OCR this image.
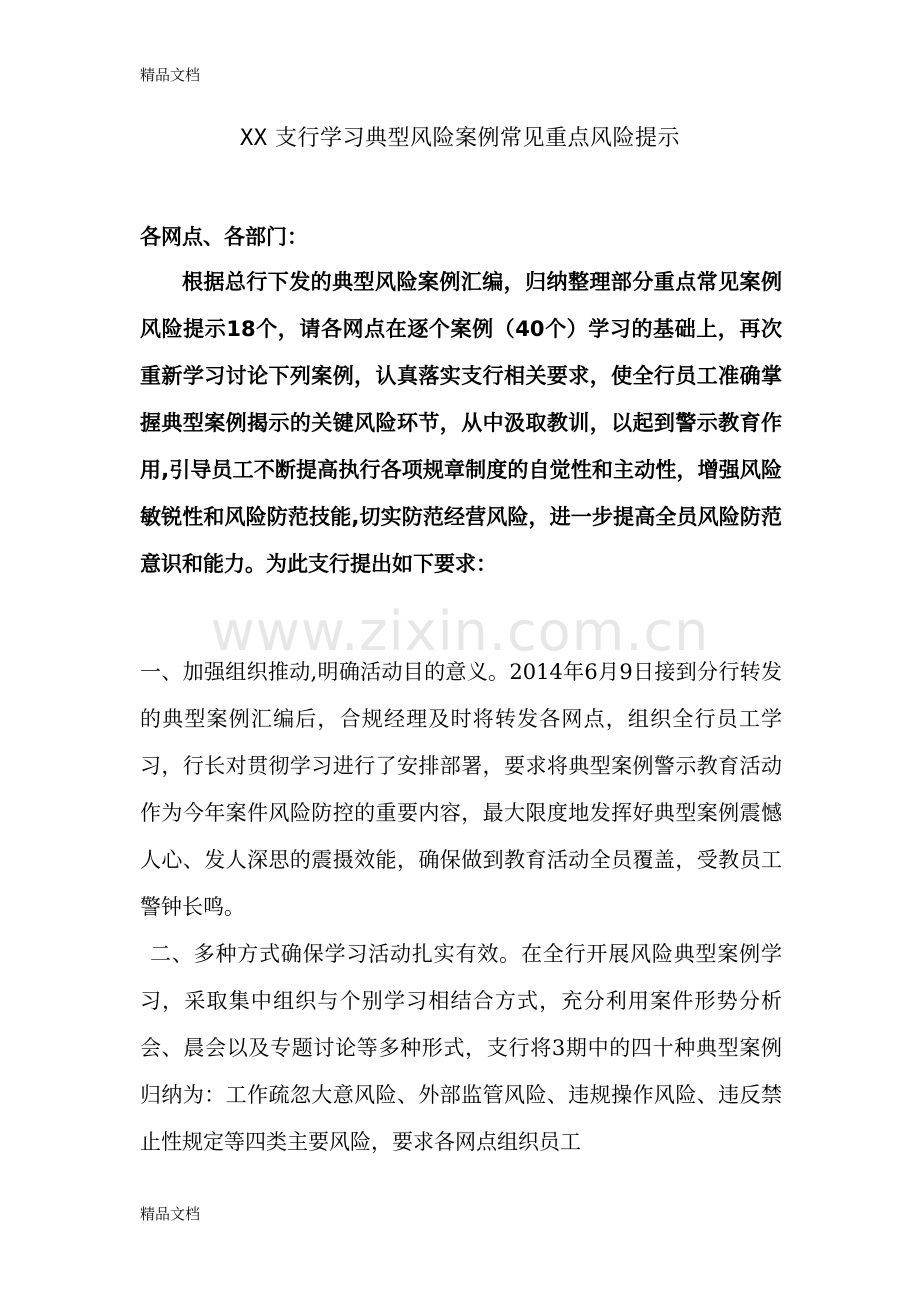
精品文档
XX 支行学习典型风险案例常见重点风险提示

各网点、各部门：

根据总行下发的典型风险案例汇编，归纳整理部分重点常见案例风险提示18个，请各网点在逐个案例（40个）学习的基础上，再次重新学习讨论下列案例，认真落实支行相关要求，使全行员工准确掌握典型案例揭示的关键风险环节，从中汲取教训，以起到警示教育作用,引导员工不断提高执行各项规章制度的自觉性和主动性，增强风险敏锐性和风险防范技能,切实防范经营风险，进一步提高全员风险防范意识和能力。为此支行提出如下要求：

www.zixin.com.cn

一、加强组织推动,明确活动目的意义。2014年6月9日接到分行转发的典型案例汇编后，合规经理及时将转发各网点，组织全行员工学习，行长对贯彻学习进行了安排部署，要求将典型案例警示教育活动作为今年案件风险防控的重要内容，最大限度地发挥好典型案例震憾人心、发人深思的震摄效能，确保做到教育活动全员覆盖，受教员工警钟长鸣。

二、多种方式确保学习活动扎实有效。在全行开展风险典型案例学习，采取集中组织与个别学习相结合方式，充分利用案件形势分析会、晨会以及专题讨论等多种形式，支行将3期中的四十种典型案例归纳为：工作疏忽大意风险、外部监管风险、违规操作风险、违反禁止性规定等四类主要风险，要求各网点组织员工

精品文档
